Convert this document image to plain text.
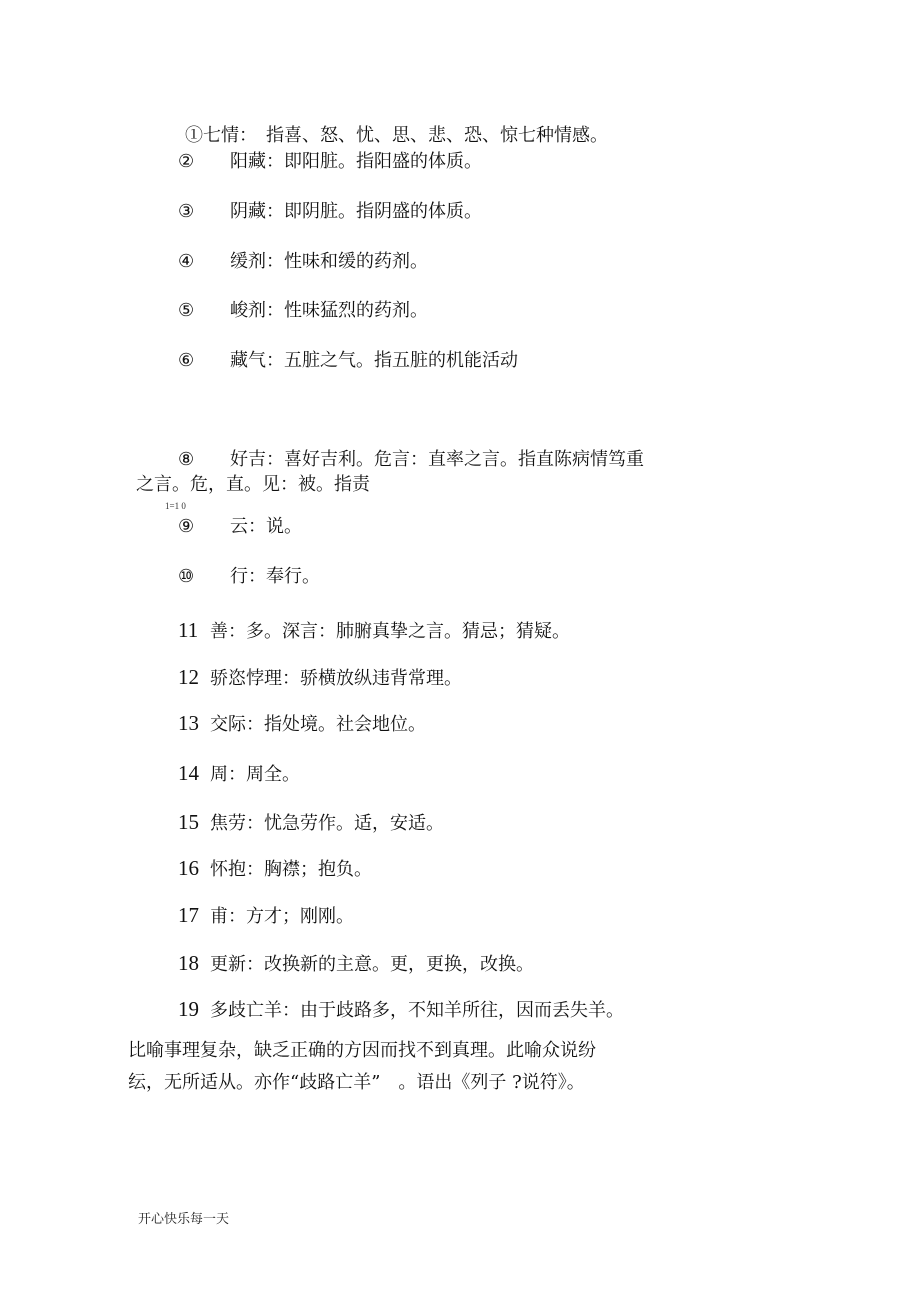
①七情：　指喜、怒、忧、思、悲、恐、惊七种情感。
② 阳藏：即阳脏。指阳盛的体质。
③ 阴藏：即阴脏。指阴盛的体质。
④ 缓剂：性味和缓的药剂。
⑤ 峻剂：性味猛烈的药剂。
⑥ 藏气：五脏之气。指五脏的机能活动
⑧ 好吉：喜好吉利。危言：直率之言。指直陈病情笃重
之言。危，直。见：被。指责
1=1 0
⑨ 云：说。
⑩ 行：奉行。
11 善：多。深言：肺腑真挚之言。猜忌；猜疑。
12 骄恣悖理：骄横放纵违背常理。
13 交际：指处境。社会地位。
14 周：周全。
15 焦劳：忧急劳作。适，安适。
16 怀抱：胸襟；抱负。
17 甫：方才；刚刚。
18 更新：改换新的主意。更，更换，改换。
19 多歧亡羊：由于歧路多，不知羊所往，因而丢失羊。
比喻事理复杂，缺乏正确的方因而找不到真理。此喻众说纷
纭，无所适从。亦作“歧路亡羊”　。语出《列子 ?说符》。
开心快乐每一天
